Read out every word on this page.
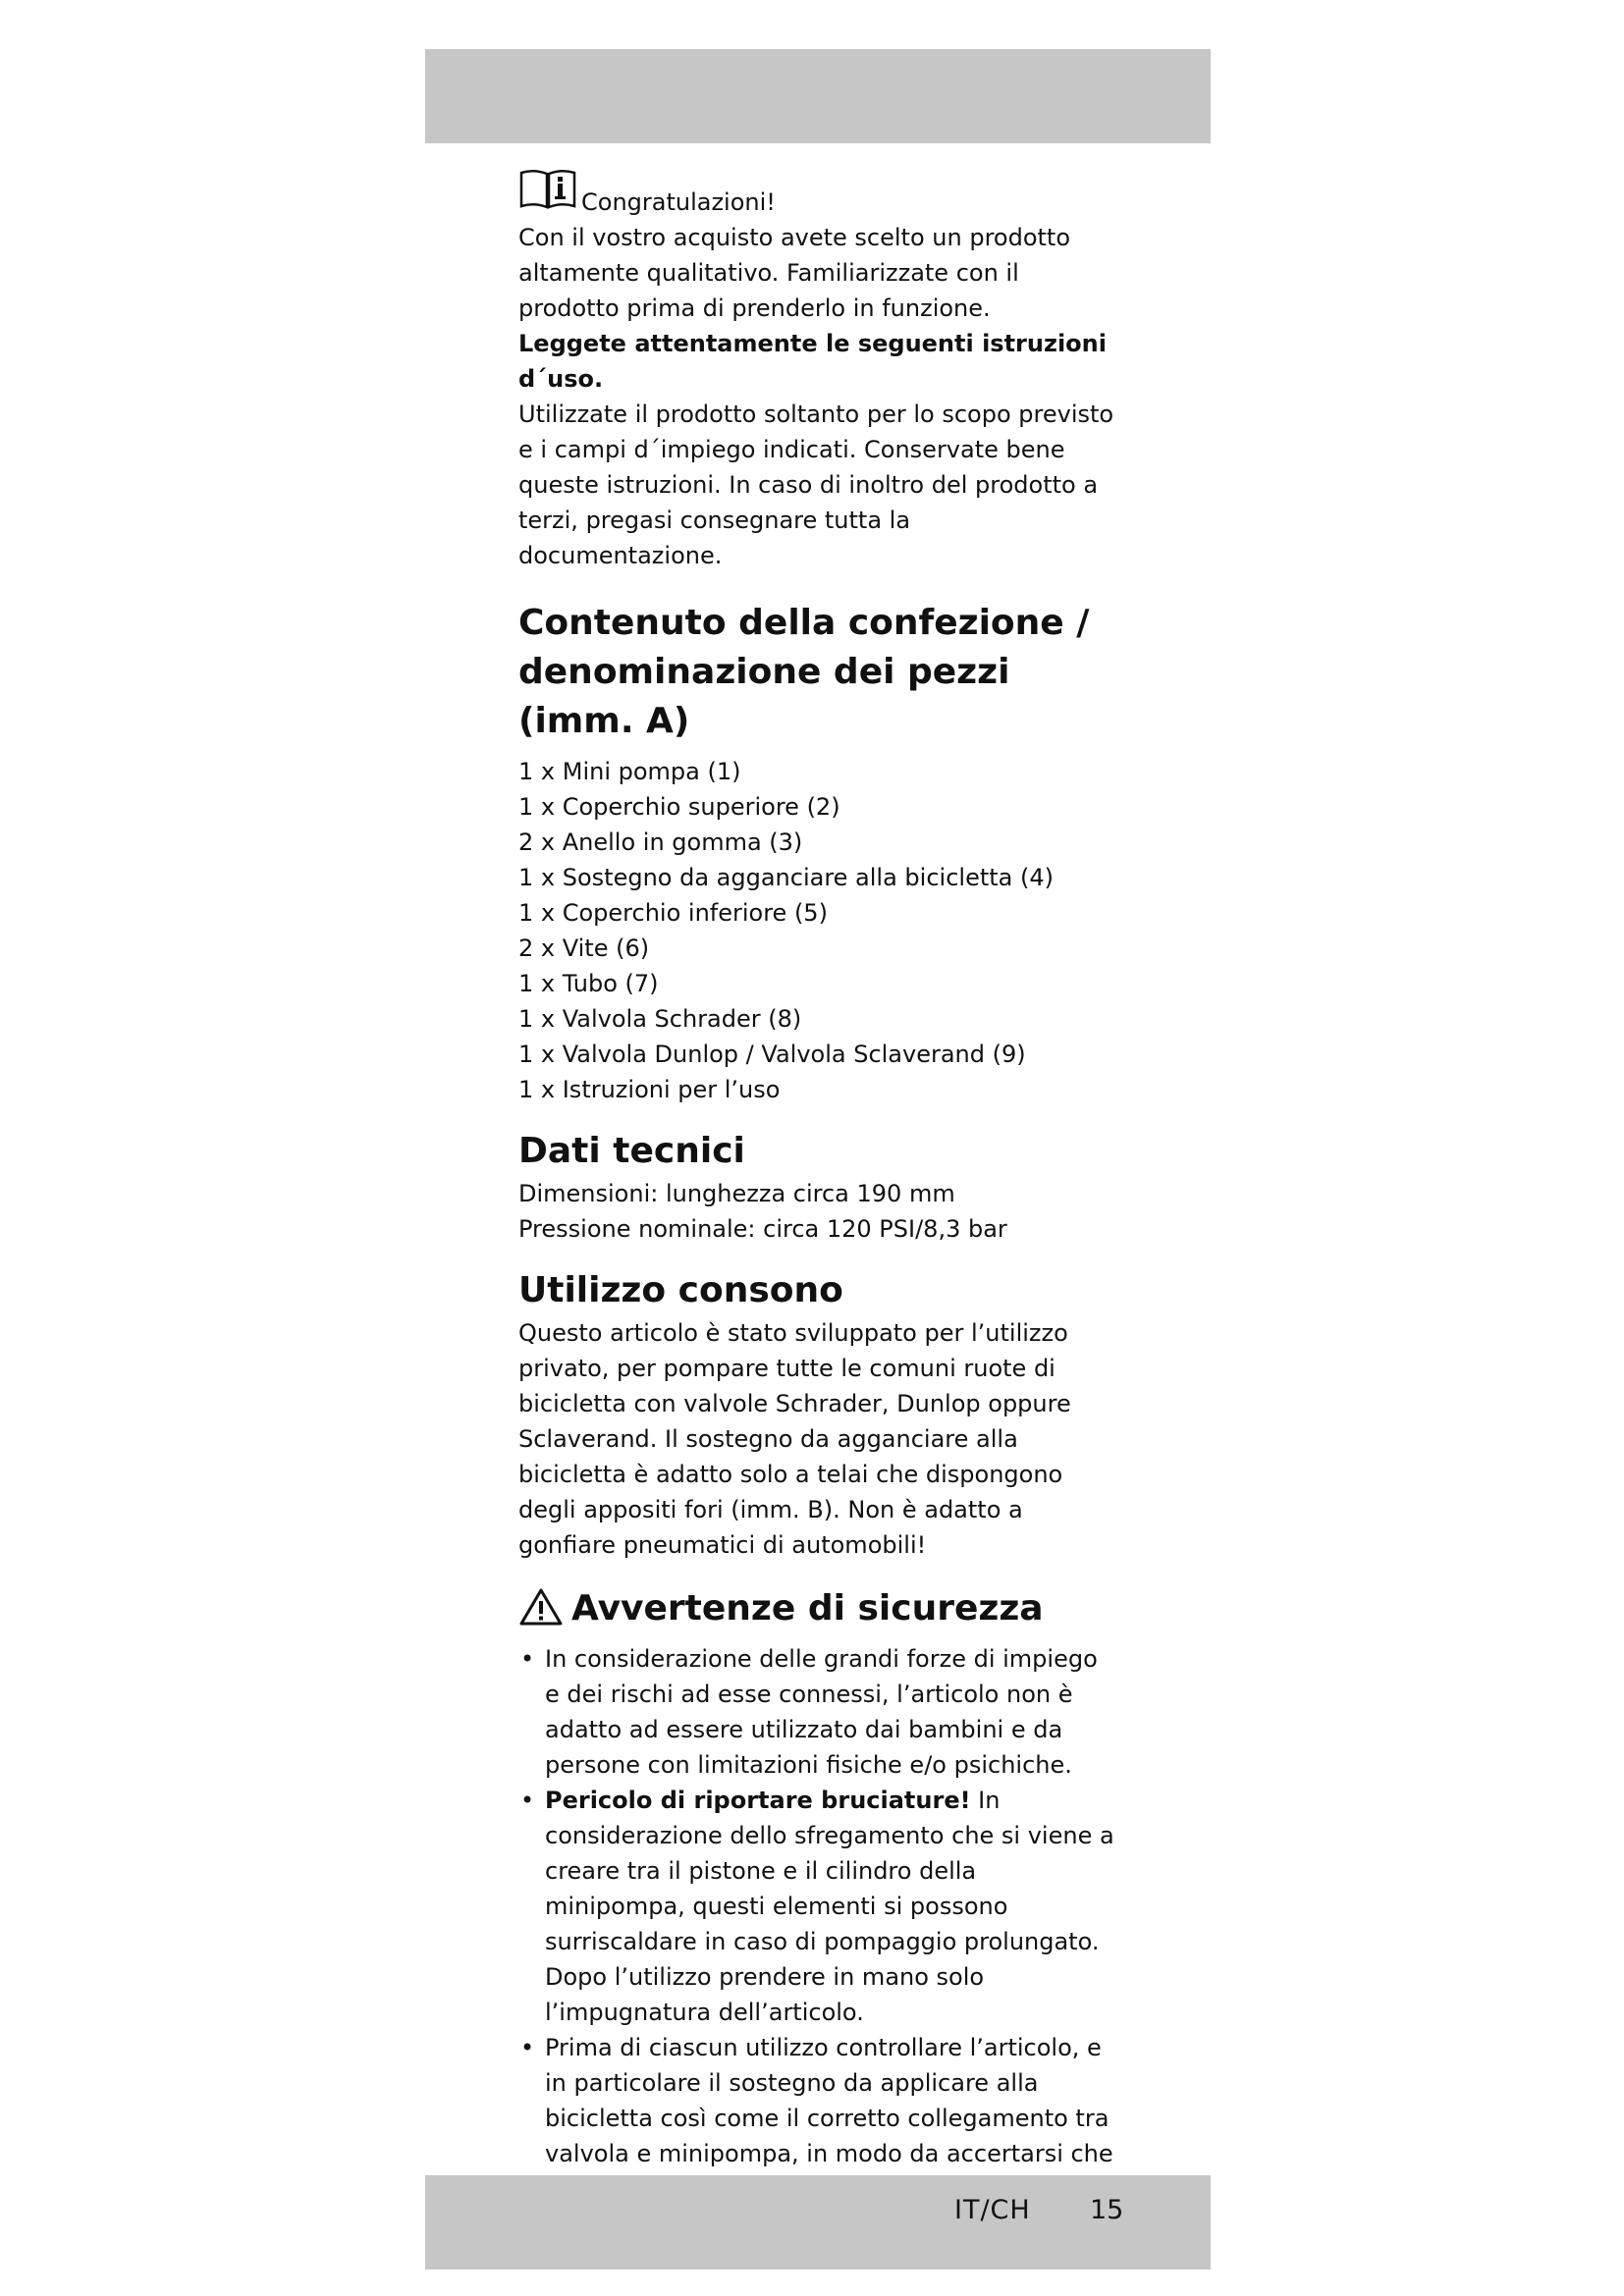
Congratulazioni!

Con il vostro acquisto avete scelto un prodotto altamente qualitativo. Familiarizzate con il prodotto prima di prenderlo in funzione.

Leggete attentamente le seguenti istruzioni d´uso.

Utilizzate il prodotto soltanto per lo scopo previsto e i campi d´impiego indicati. Conservate bene queste istruzioni. In caso di inoltro del prodotto a terzi, pregasi consegnare tutta la documentazione.

Contenuto della confezione / denominazione dei pezzi (imm. A)
1 x Mini pompa (1)
1 x Coperchio superiore (2)
2 x Anello in gomma (3)
1 x Sostegno da agganciare alla bicicletta (4)
1 x Coperchio inferiore (5)
2 x Vite (6)
1 x Tubo (7)
1 x Valvola Schrader (8)
1 x Valvola Dunlop / Valvola Sclaverand (9)
1 x Istruzioni per l’uso
Dati tecnici
Dimensioni: lunghezza circa 190 mm
Pressione nominale: circa 120 PSI/8,3 bar
Utilizzo consono

Questo articolo è stato sviluppato per l’utilizzo privato, per pompare tutte le comuni ruote di bicicletta con valvole Schrader, Dunlop oppure Sclaverand. Il sostegno da agganciare alla bicicletta è adatto solo a telai che dispongono degli appositi fori (imm. B). Non è adatto a gonfiare pneumatici di automobili!

Avvertenze di sicurezza
• In considerazione delle grandi forze di impiego e dei rischi ad esse connessi, l’articolo non è adatto ad essere utilizzato dai bambini e da persone con limitazioni fisiche e/o psichiche.
• Pericolo di riportare bruciature! In considerazione dello sfregamento che si viene a creare tra il pistone e il cilindro della minipompa, questi elementi si possono surriscaldare in caso di pompaggio prolungato. Dopo l’utilizzo prendere in mano solo l’impugnatura dell’articolo.
• Prima di ciascun utilizzo controllare l’articolo, e in particolare il sostegno da applicare alla bicicletta così come il corretto collegamento tra valvola e minipompa, in modo da accertarsi che
IT/CH 15
